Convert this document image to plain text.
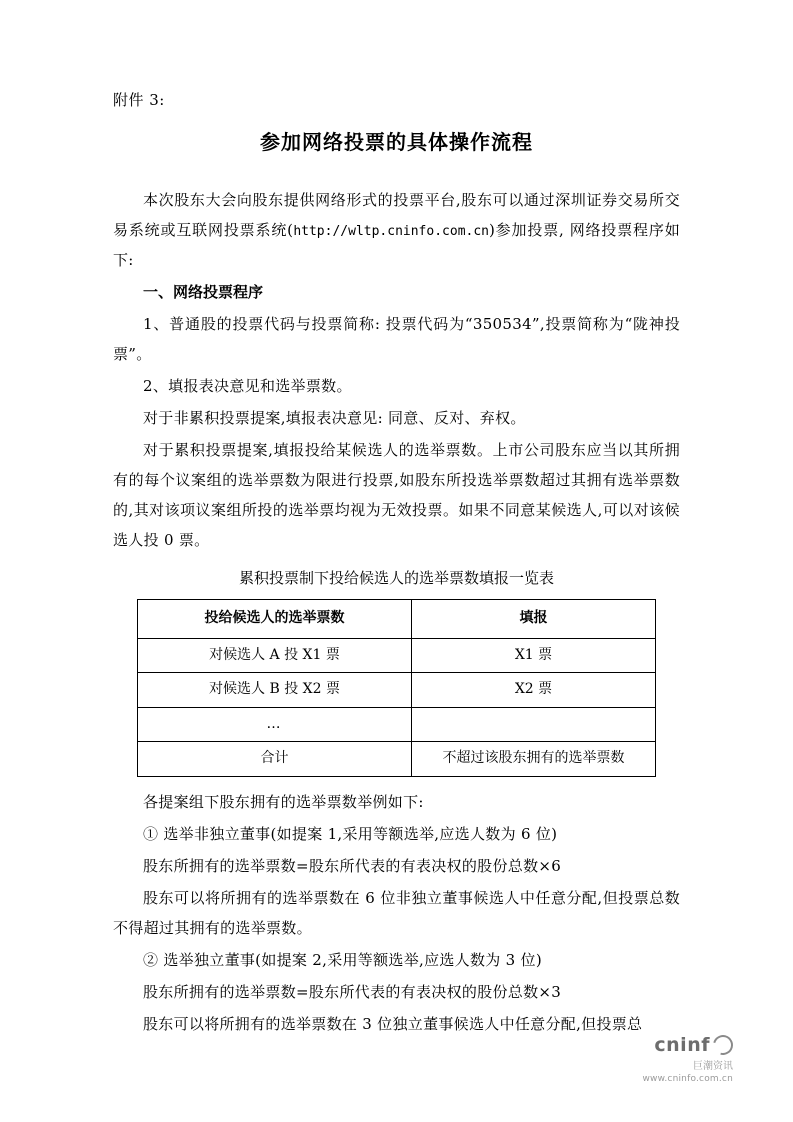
附件 3:
参加网络投票的具体操作流程

本次股东大会向股东提供网络形式的投票平台,股东可以通过深圳证券交易所交易系统或互联网投票系统(http://wltp.cninfo.com.cn)参加投票, 网络投票程序如下:

一、网络投票程序

1、普通股的投票代码与投票简称: 投票代码为“350534”,投票简称为“陇神投票”。

2、填报表决意见和选举票数。

对于非累积投票提案,填报表决意见: 同意、反对、弃权。

对于累积投票提案,填报投给某候选人的选举票数。上市公司股东应当以其所拥有的每个议案组的选举票数为限进行投票,如股东所投选举票数超过其拥有选举票数的,其对该项议案组所投的选举票均视为无效投票。如果不同意某候选人,可以对该候选人投 0 票。

累积投票制下投给候选人的选举票数填报一览表
投给候选人的选举票数	填报
对候选人 A 投 X1 票	X1 票
对候选人 B 投 X2 票	X2 票
…	
合计	不超过该股东拥有的选举票数

各提案组下股东拥有的选举票数举例如下:

① 选举非独立董事(如提案 1,采用等额选举,应选人数为 6 位)

股东所拥有的选举票数=股东所代表的有表决权的股份总数×6

股东可以将所拥有的选举票数在 6 位非独立董事候选人中任意分配,但投票总数不得超过其拥有的选举票数。

② 选举独立董事(如提案 2,采用等额选举,应选人数为 3 位)

股东所拥有的选举票数=股东所代表的有表决权的股份总数×3

股东可以将所拥有的选举票数在 3 位独立董事候选人中任意分配,但投票总

cninf
巨潮资讯
www.cninfo.com.cn
